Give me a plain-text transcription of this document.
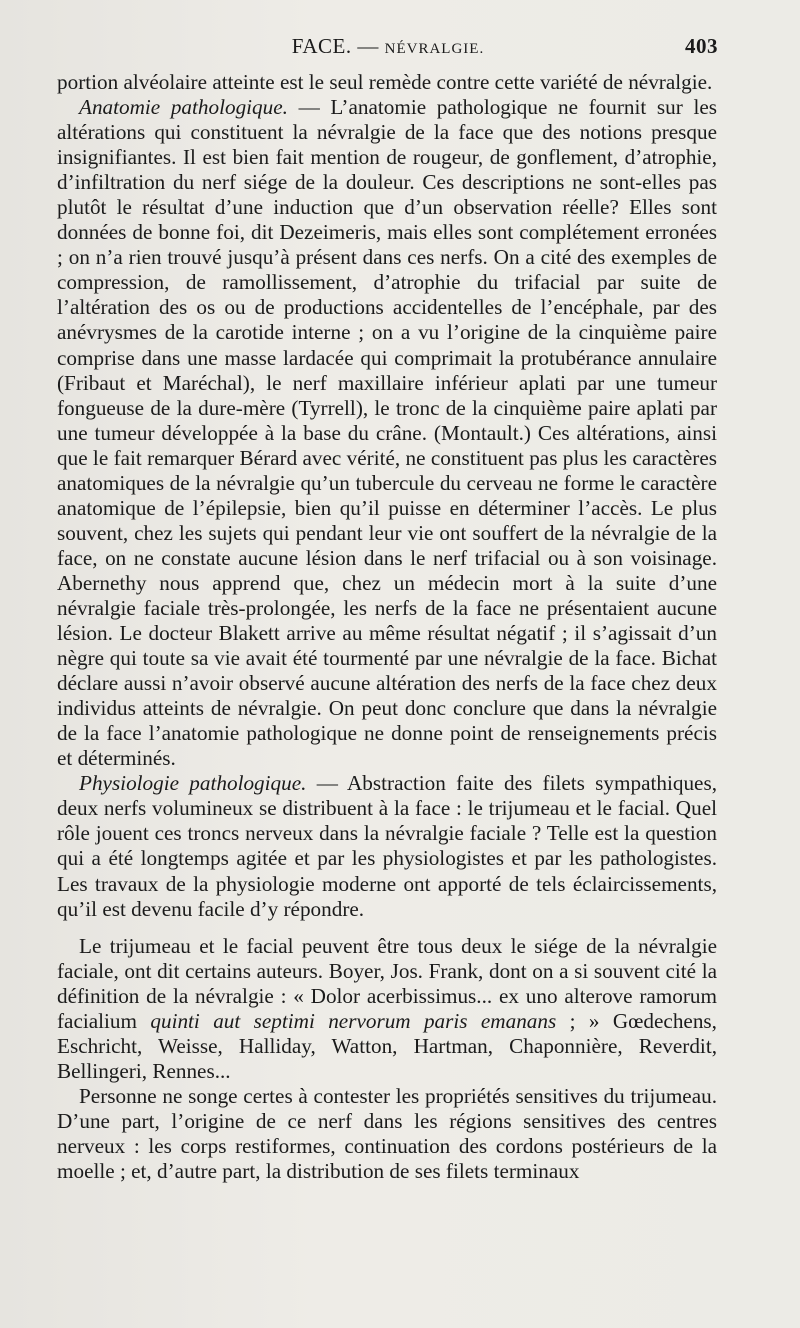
FACE. — NÉVRALGIE.	403

portion alvéolaire atteinte est le seul remède contre cette variété de névralgie.

Anatomie pathologique. — L’anatomie pathologique ne fournit sur les altérations qui constituent la névralgie de la face que des notions presque insignifiantes. Il est bien fait mention de rougeur, de gonflement, d’atrophie, d’infiltration du nerf siége de la douleur. Ces descriptions ne sont-elles pas plutôt le résultat d’une induction que d’un observation réelle? Elles sont données de bonne foi, dit Dezeimeris, mais elles sont complétement erronées ; on n’a rien trouvé jusqu’à présent dans ces nerfs. On a cité des exemples de compression, de ramollissement, d’atrophie du trifacial par suite de l’altération des os ou de productions accidentelles de l’encéphale, par des anévrysmes de la carotide interne ; on a vu l’origine de la cinquième paire comprise dans une masse lardacée qui comprimait la protubérance annulaire (Fribaut et Maréchal), le nerf maxillaire inférieur aplati par une tumeur fongueuse de la dure-mère (Tyrrell), le tronc de la cinquième paire aplati par une tumeur développée à la base du crâne. (Montault.) Ces altérations, ainsi que le fait remarquer Bérard avec vérité, ne constituent pas plus les caractères anatomiques de la névralgie qu’un tubercule du cerveau ne forme le caractère anatomique de l’épilepsie, bien qu’il puisse en déterminer l’accès. Le plus souvent, chez les sujets qui pendant leur vie ont souffert de la névralgie de la face, on ne constate aucune lésion dans le nerf trifacial ou à son voisinage. Abernethy nous apprend que, chez un médecin mort à la suite d’une névralgie faciale très-prolongée, les nerfs de la face ne présentaient aucune lésion. Le docteur Blakett arrive au même résultat négatif ; il s’agissait d’un nègre qui toute sa vie avait été tourmenté par une névralgie de la face. Bichat déclare aussi n’avoir observé aucune altération des nerfs de la face chez deux individus atteints de névralgie. On peut donc conclure que dans la névralgie de la face l’anatomie pathologique ne donne point de renseignements précis et déterminés.

Physiologie pathologique. — Abstraction faite des filets sympathiques, deux nerfs volumineux se distribuent à la face : le trijumeau et le facial. Quel rôle jouent ces troncs nerveux dans la névralgie faciale ? Telle est la question qui a été longtemps agitée et par les physiologistes et par les pathologistes. Les travaux de la physiologie moderne ont apporté de tels éclaircissements, qu’il est devenu facile d’y répondre.

Le trijumeau et le facial peuvent être tous deux le siége de la névralgie faciale, ont dit certains auteurs. Boyer, Jos. Frank, dont on a si souvent cité la définition de la névralgie : « Dolor acerbissimus... ex uno alterove ramorum facialium quinti aut septimi nervorum paris emanans ; » Gœdechens, Eschricht, Weisse, Halliday, Watton, Hartman, Chaponnière, Reverdit, Bellingeri, Rennes...

Personne ne songe certes à contester les propriétés sensitives du trijumeau. D’une part, l’origine de ce nerf dans les régions sensitives des centres nerveux : les corps restiformes, continuation des cordons postérieurs de la moelle ; et, d’autre part, la distribution de ses filets terminaux
